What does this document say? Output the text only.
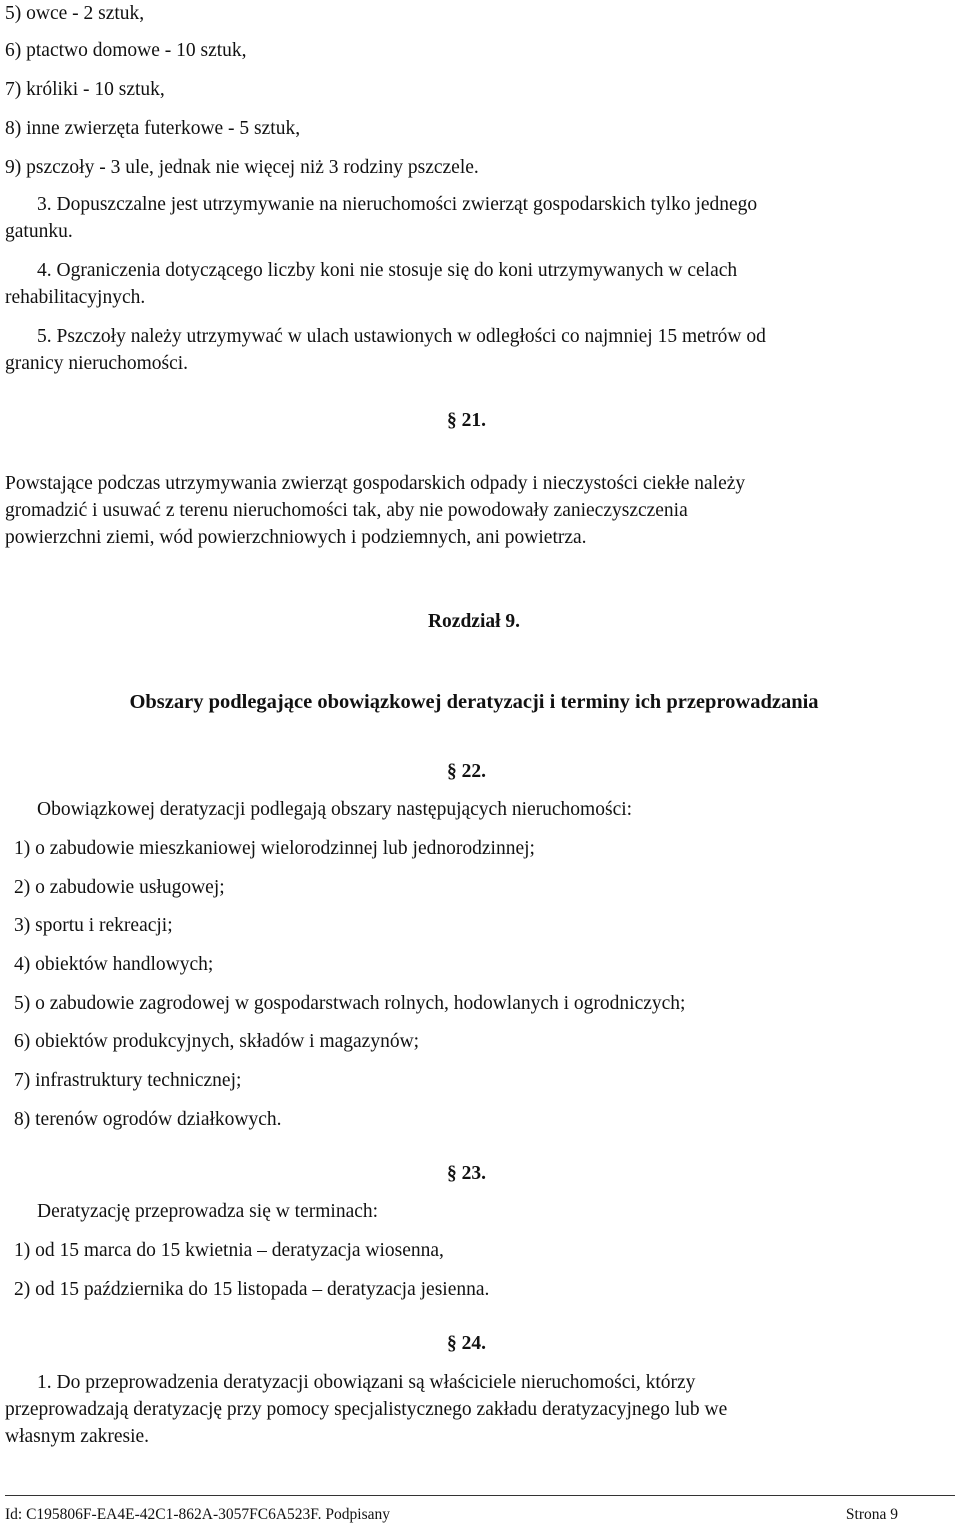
5) owce - 2 sztuk,
6) ptactwo domowe - 10 sztuk,
7) króliki - 10 sztuk,
8) inne zwierzęta futerkowe - 5 sztuk,
9) pszczoły - 3 ule, jednak nie więcej niż 3 rodziny pszczele.
3. Dopuszczalne jest utrzymywanie na nieruchomości zwierząt gospodarskich tylko jednego
gatunku.
4. Ograniczenia dotyczącego liczby koni nie stosuje się do koni utrzymywanych w celach
rehabilitacyjnych.
5. Pszczoły należy utrzymywać w ulach ustawionych w odległości co najmniej 15 metrów od
granicy nieruchomości.
§ 21.
Powstające podczas utrzymywania zwierząt gospodarskich odpady i nieczystości ciekłe należy
gromadzić i usuwać z terenu nieruchomości tak, aby nie powodowały zanieczyszczenia
powierzchni ziemi, wód powierzchniowych i podziemnych, ani powietrza.
Rozdział 9.
Obszary podlegające obowiązkowej deratyzacji i terminy ich przeprowadzania
§ 22.
Obowiązkowej deratyzacji podlegają obszary następujących nieruchomości:
1) o zabudowie mieszkaniowej wielorodzinnej lub jednorodzinnej;
2) o zabudowie usługowej;
3) sportu i rekreacji;
4) obiektów handlowych;
5) o zabudowie zagrodowej w gospodarstwach rolnych, hodowlanych i ogrodniczych;
6) obiektów produkcyjnych, składów i magazynów;
7) infrastruktury technicznej;
8) terenów ogrodów działkowych.
§ 23.
Deratyzację przeprowadza się w terminach:
1) od 15 marca do 15 kwietnia – deratyzacja wiosenna,
2) od 15 października do 15 listopada – deratyzacja jesienna.
§ 24.
1. Do przeprowadzenia deratyzacji obowiązani są właściciele nieruchomości, którzy
przeprowadzają deratyzację przy pomocy specjalistycznego zakładu deratyzacyjnego lub we
własnym zakresie.
Id: C195806F-EA4E-42C1-862A-3057FC6A523F. Podpisany	Strona 9
